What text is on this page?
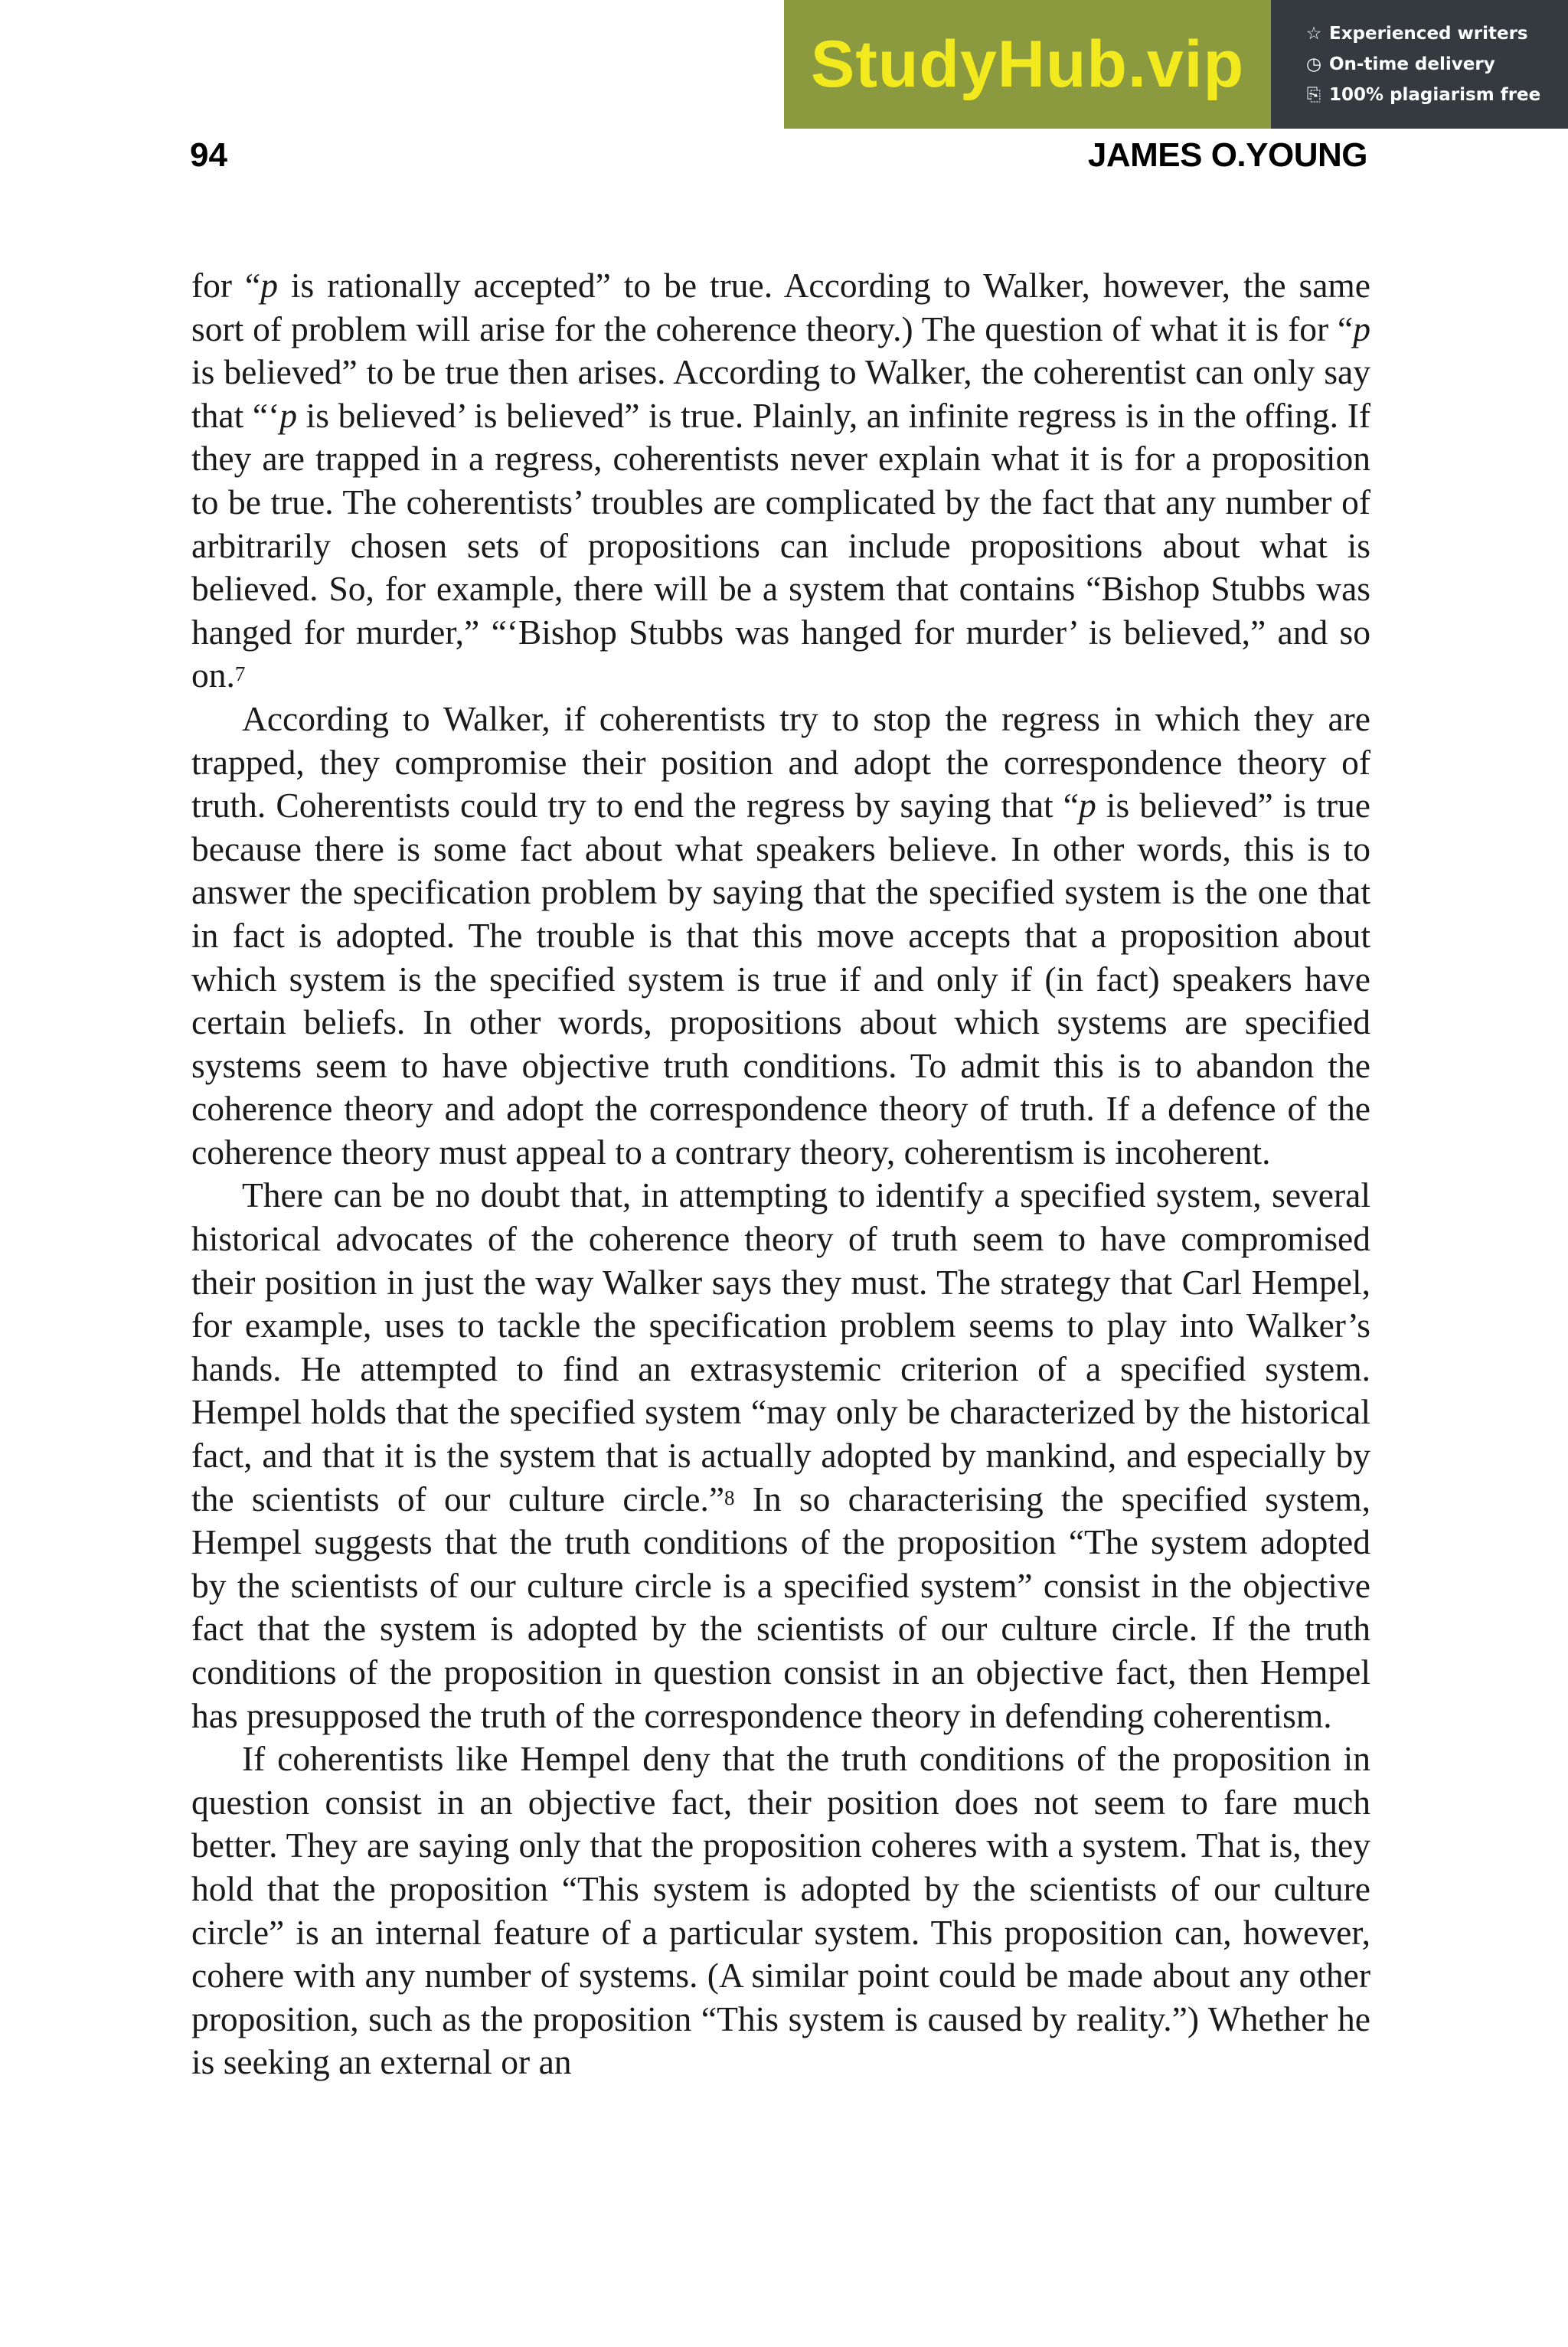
StudyHub.vip	☆ Experienced writers
◷ On-time delivery
⎘ 100% plagiarism free
94	JAMES O.YOUNG

for “p is rationally accepted” to be true. According to Walker, however, the same sort of problem will arise for the coherence theory.) The question of what it is for “p is believed” to be true then arises. According to Walker, the coherentist can only say that “‘p is believed’ is believed” is true. Plainly, an infinite regress is in the offing. If they are trapped in a regress, coherentists never explain what it is for a proposition to be true. The coherentists’ troubles are complicated by the fact that any number of arbitrarily chosen sets of propositions can include propositions about what is believed. So, for example, there will be a system that contains “Bishop Stubbs was hanged for murder,” “‘Bishop Stubbs was hanged for murder’ is believed,” and so on.$^7$

According to Walker, if coherentists try to stop the regress in which they are trapped, they compromise their position and adopt the correspondence theory of truth. Coherentists could try to end the regress by saying that “p is believed” is true because there is some fact about what speakers believe. In other words, this is to answer the specification problem by saying that the specified system is the one that in fact is adopted. The trouble is that this move accepts that a proposition about which system is the specified system is true if and only if (in fact) speakers have certain beliefs. In other words, propositions about which systems are specified systems seem to have objective truth conditions. To admit this is to abandon the coherence theory and adopt the correspondence theory of truth. If a defence of the coherence theory must appeal to a contrary theory, coherentism is incoherent.

There can be no doubt that, in attempting to identify a specified system, several historical advocates of the coherence theory of truth seem to have compromised their position in just the way Walker says they must. The strategy that Carl Hempel, for example, uses to tackle the specification problem seems to play into Walker’s hands. He attempted to find an extrasystemic criterion of a specified system. Hempel holds that the specified system “may only be characterized by the historical fact, and that it is the system that is actually adopted by mankind, and especially by the scientists of our culture circle.”$^8$ In so characterising the specified system, Hempel suggests that the truth conditions of the proposition “The system adopted by the scientists of our culture circle is a specified system” consist in the objective fact that the system is adopted by the scientists of our culture circle. If the truth conditions of the proposition in question consist in an objective fact, then Hempel has presupposed the truth of the correspondence theory in defending coherentism.

If coherentists like Hempel deny that the truth conditions of the proposition in question consist in an objective fact, their position does not seem to fare much better. They are saying only that the proposition coheres with a system. That is, they hold that the proposition “This system is adopted by the scientists of our culture circle” is an internal feature of a particular system. This proposition can, however, cohere with any number of systems. (A similar point could be made about any other proposition, such as the proposition “This system is caused by reality.”) Whether he is seeking an external or an
